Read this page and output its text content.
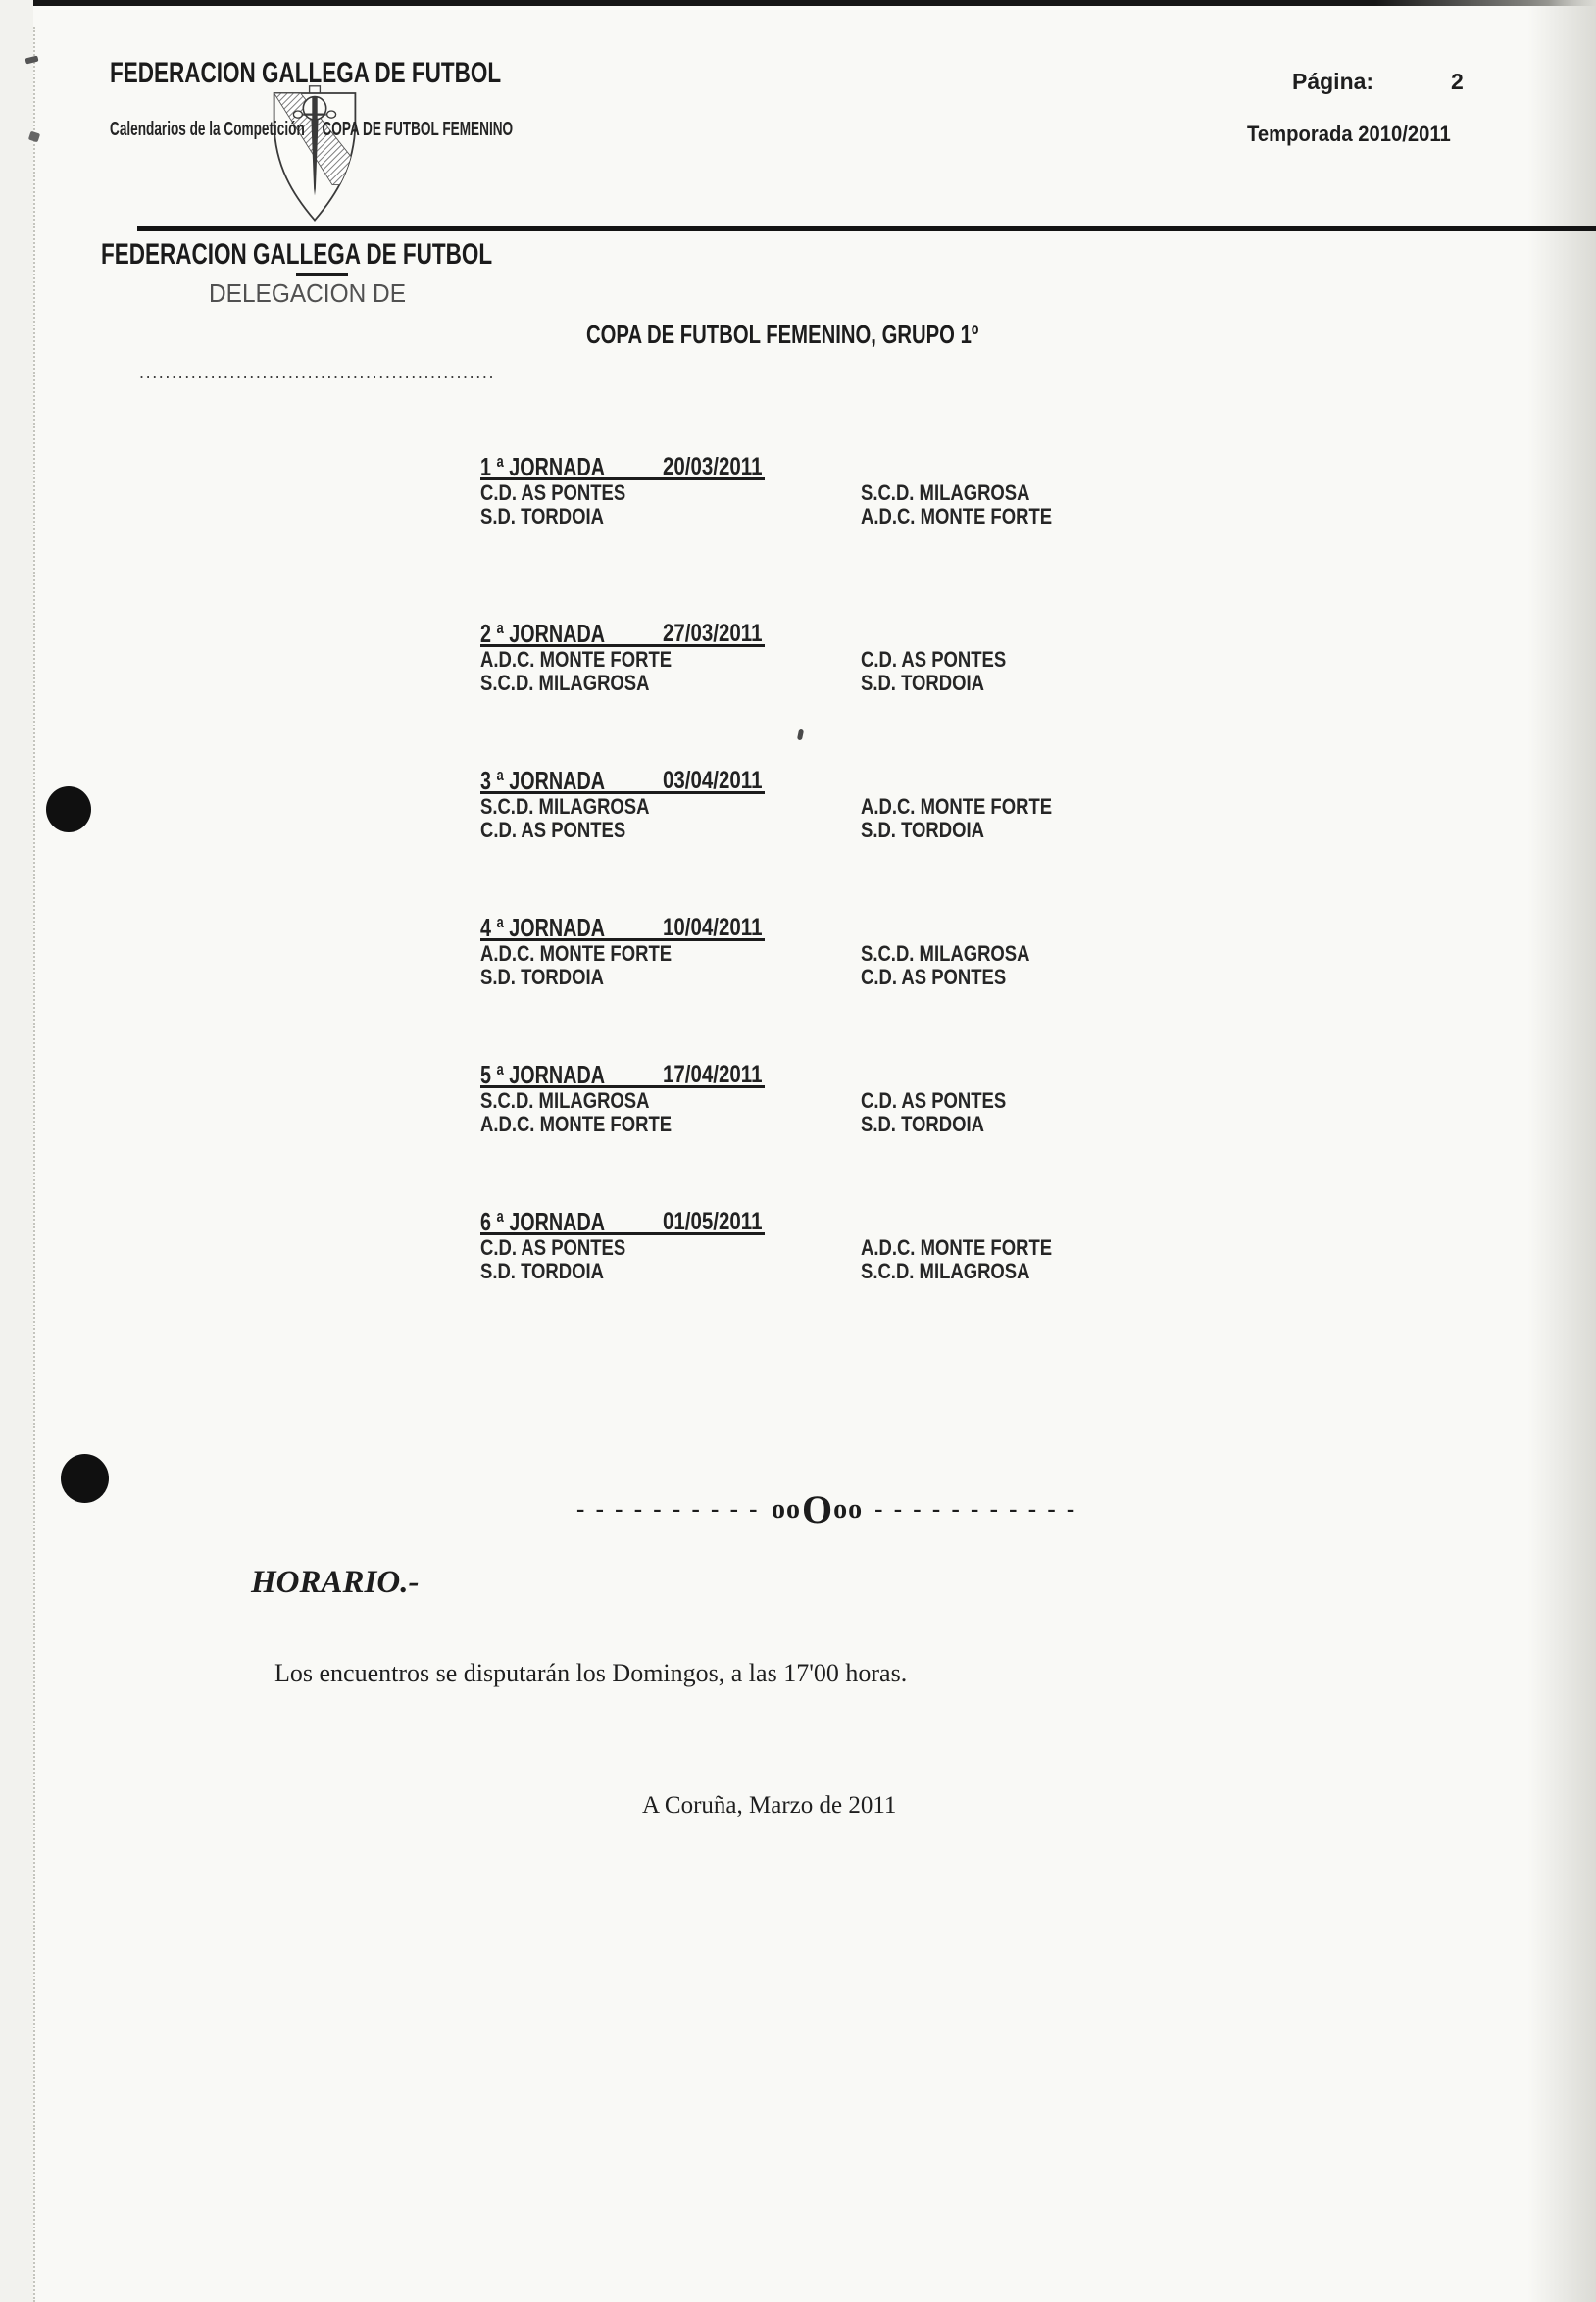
FEDERACION GALLEGA DE FUTBOL
Calendarios de la Competición COPA DE FUTBOL FEMENINO
Página:	2
Temporada 2010/2011
FEDERACION GALLEGA DE FUTBOL
DELEGACION DE
COPA DE FUTBOL FEMENINO, GRUPO 1º
.......................................................
1 ª JORNADA 20/03/2011
C.D. AS PONTES	S.C.D. MILAGROSA
S.D. TORDOIA	A.D.C. MONTE FORTE
2 ª JORNADA 27/03/2011
A.D.C. MONTE FORTE	C.D. AS PONTES
S.C.D. MILAGROSA	S.D. TORDOIA
3 ª JORNADA 03/04/2011
S.C.D. MILAGROSA	A.D.C. MONTE FORTE
C.D. AS PONTES	S.D. TORDOIA
4 ª JORNADA 10/04/2011
A.D.C. MONTE FORTE	S.C.D. MILAGROSA
S.D. TORDOIA	C.D. AS PONTES
5 ª JORNADA 17/04/2011
S.C.D. MILAGROSA	C.D. AS PONTES
A.D.C. MONTE FORTE	S.D. TORDOIA
6 ª JORNADA 01/05/2011
C.D. AS PONTES	A.D.C. MONTE FORTE
S.D. TORDOIA	S.C.D. MILAGROSA
- - - - - - - - - - oo O oo - - - - - - - - - - -
HORARIO.-
Los encuentros se disputarán los Domingos, a las 17'00 horas.
A Coruña, Marzo de 2011
